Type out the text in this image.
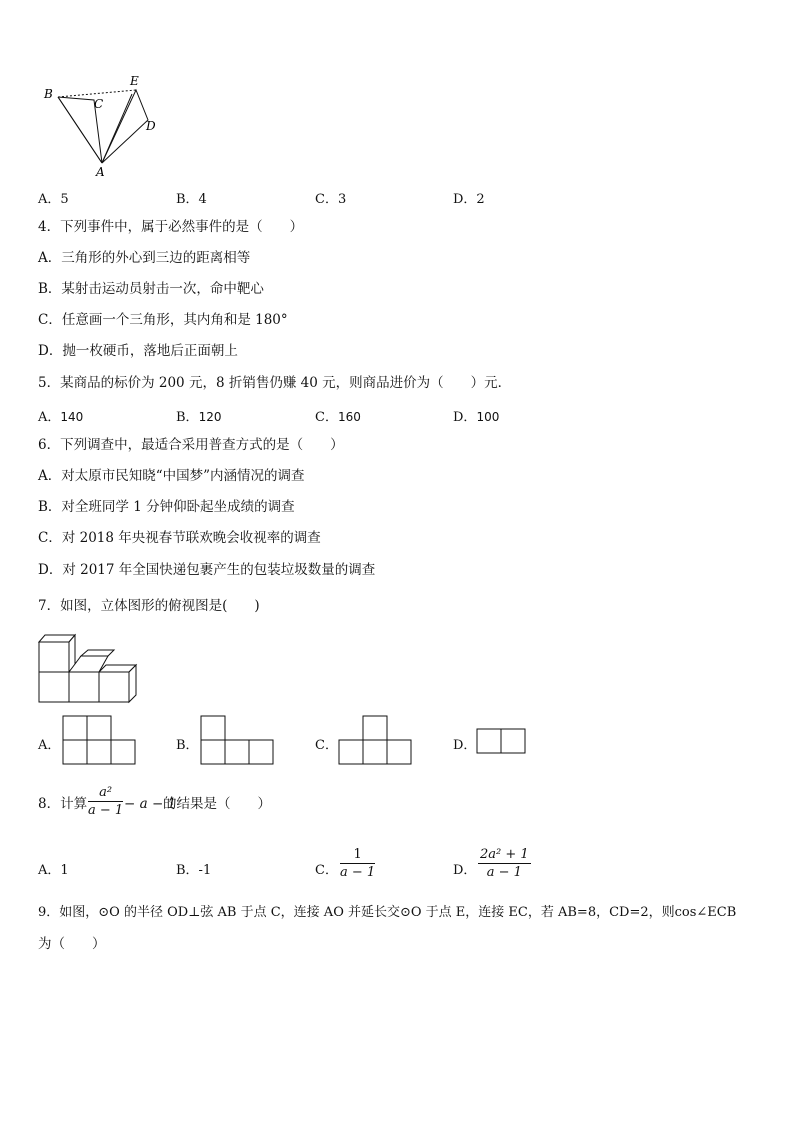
B
E
C
D
A
A．5	B．4	C．3	D．2
4．下列事件中，属于必然事件的是（　　）
A．三角形的外心到三边的距离相等
B．某射击运动员射击一次，命中靶心
C．任意画一个三角形，其内角和是 180°
D．抛一枚硬币，落地后正面朝上
5．某商品的标价为 200 元，8 折销售仍赚 40 元，则商品进价为（　　）元．
A．140	B．120	C．160	D．100
6．下列调查中，最适合采用普查方式的是（　　）
A．对太原市民知晓“中国梦”内涵情况的调查
B．对全班同学 1 分钟仰卧起坐成绩的调查
C．对 2018 年央视春节联欢晚会收视率的调查
D．对 2017 年全国快递包裹产生的包装垃圾数量的调查
7．如图，立体图形的俯视图是(　　)
A．	B．	C．	D．
8．计算 $\frac{\text{a²}}{a - 1} - a - 1$
的结果是（　　）
A．1	B．-1	C． $\frac{1}{a - 1}$	D． $\frac{\text{2a² + 1}}{a - 1}$
9．如图，⊙O 的半径 OD⊥弦 AB 于点 C，连接 AO 并延长交⊙O 于点 E，连接 EC，若 AB=8，CD=2，则cos∠ECB
为（　　）
